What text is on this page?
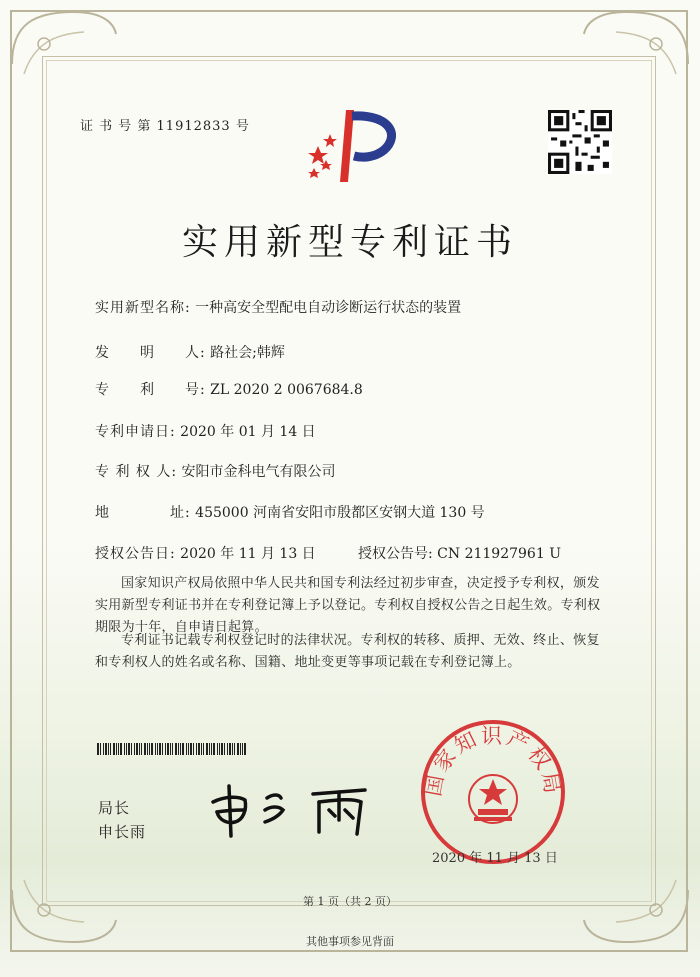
证 书 号 第 11912833 号
实用新型专利证书
实用新型名称: 一种高安全型配电自动诊断运行状态的装置
发　　明　　人: 路社会;韩辉
专　　利　　号: ZL 2020 2 0067684.8
专利申请日: 2020 年 01 月 14 日
专 利 权 人: 安阳市金科电气有限公司
地　　　　址: 455000 河南省安阳市殷都区安钢大道 130 号
授权公告日: 2020 年 11 月 13 日	授权公告号: CN 211927961 U
国家知识产权局依照中华人民共和国专利法经过初步审查，决定授予专利权，颁发实用新型专利证书并在专利登记簿上予以登记。专利权自授权公告之日起生效。专利权期限为十年，自申请日起算。
专利证书记载专利权登记时的法律状况。专利权的转移、质押、无效、终止、恢复和专利权人的姓名或名称、国籍、地址变更等事项记载在专利登记簿上。
局长
申长雨
国家知识产权局
2020 年 11 月 13 日
第 1 页（共 2 页）
其他事项参见背面
